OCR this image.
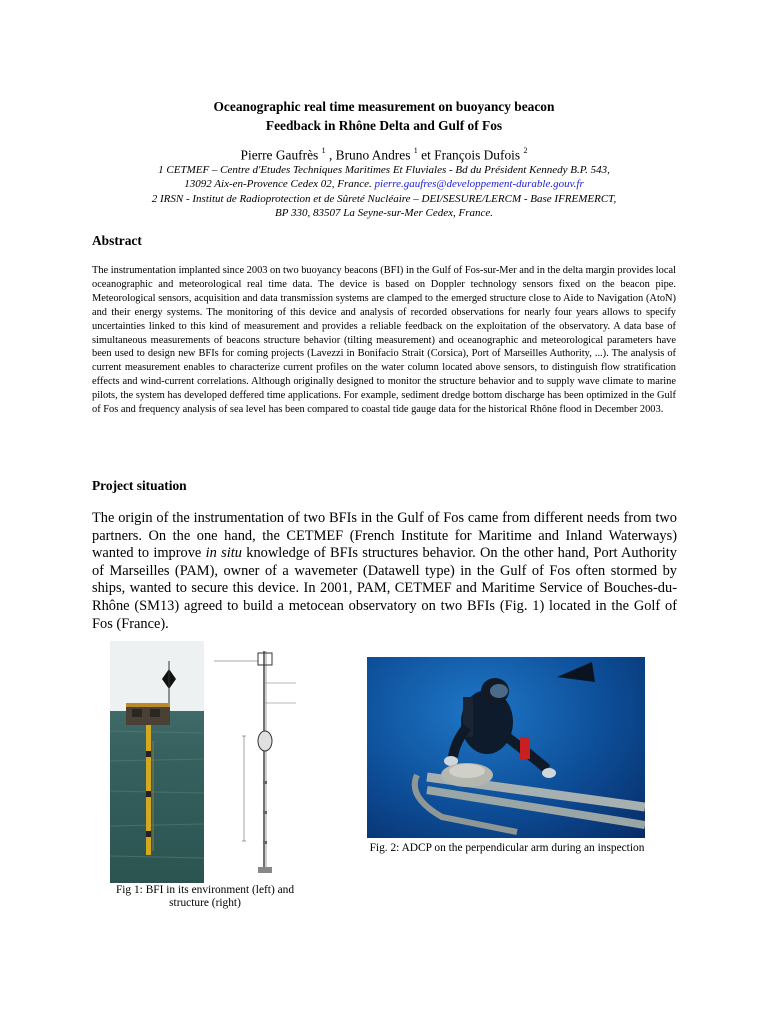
Oceanographic real time measurement on buoyancy beacon
Feedback in Rhône Delta and Gulf of Fos
Pierre Gaufrès $^1$ , Bruno Andres $^1$ et François Dufois $^2$
1 CETMEF – Centre d'Etudes Techniques Maritimes Et Fluviales - Bd du Président Kennedy B.P. 543,
13092 Aix-en-Provence Cedex 02, France. pierre.gaufres@developpement-durable.gouv.fr
2 IRSN - Institut de Radioprotection et de Sûreté Nucléaire – DEI/SESURE/LERCM - Base IFREMERCT,
BP 330, 83507 La Seyne-sur-Mer Cedex, France.
Abstract
The instrumentation implanted since 2003 on two buoyancy beacons (BFI) in the Gulf of Fos-sur-Mer and in the delta margin provides local oceanographic and meteorological real time data. The device is based on Doppler technology sensors fixed on the beacon pipe. Meteorological sensors, acquisition and data transmission systems are clamped to the emerged structure close to Aide to Navigation (AtoN) and their energy systems. The monitoring of this device and analysis of recorded observations for nearly four years allows to specify uncertainties linked to this kind of measurement and provides a reliable feedback on the exploitation of the observatory. A data base of simultaneous measurements of beacons structure behavior (tilting measurement) and oceanographic and meteorological parameters have been used to design new BFIs for coming projects (Lavezzi in Bonifacio Strait (Corsica), Port of Marseilles Authority, ...). The analysis of current measurement enables to characterize current profiles on the water column located above sensors, to distinguish flow stratification effects and wind-current correlations. Although originally designed to monitor the structure behavior and to supply wave climate to marine pilots, the system has developed deffered time applications. For example, sediment dredge bottom discharge has been optimized in the Gulf of Fos and frequency analysis of sea level has been compared to coastal tide gauge data for the historical Rhône flood in December 2003.
Project situation
The origin of the instrumentation of two BFIs in the Gulf of Fos came from different needs from two partners. On the one hand, the CETMEF (French Institute for Maritime and Inland Waterways) wanted to improve in situ knowledge of BFIs structures behavior. On the other hand, Port Authority of Marseilles (PAM), owner of a wavemeter (Datawell type) in the Gulf of Fos often stormed by ships, wanted to secure this device. In 2001, PAM, CETMEF and Maritime Service of Bouches-du-Rhône (SM13) agreed to build a metocean observatory on two BFIs (Fig. 1) located in the Golf of Fos (France).
Fig 1: BFI in its environment (left) and structure (right)
Fig. 2: ADCP on the perpendicular arm during an inspection
